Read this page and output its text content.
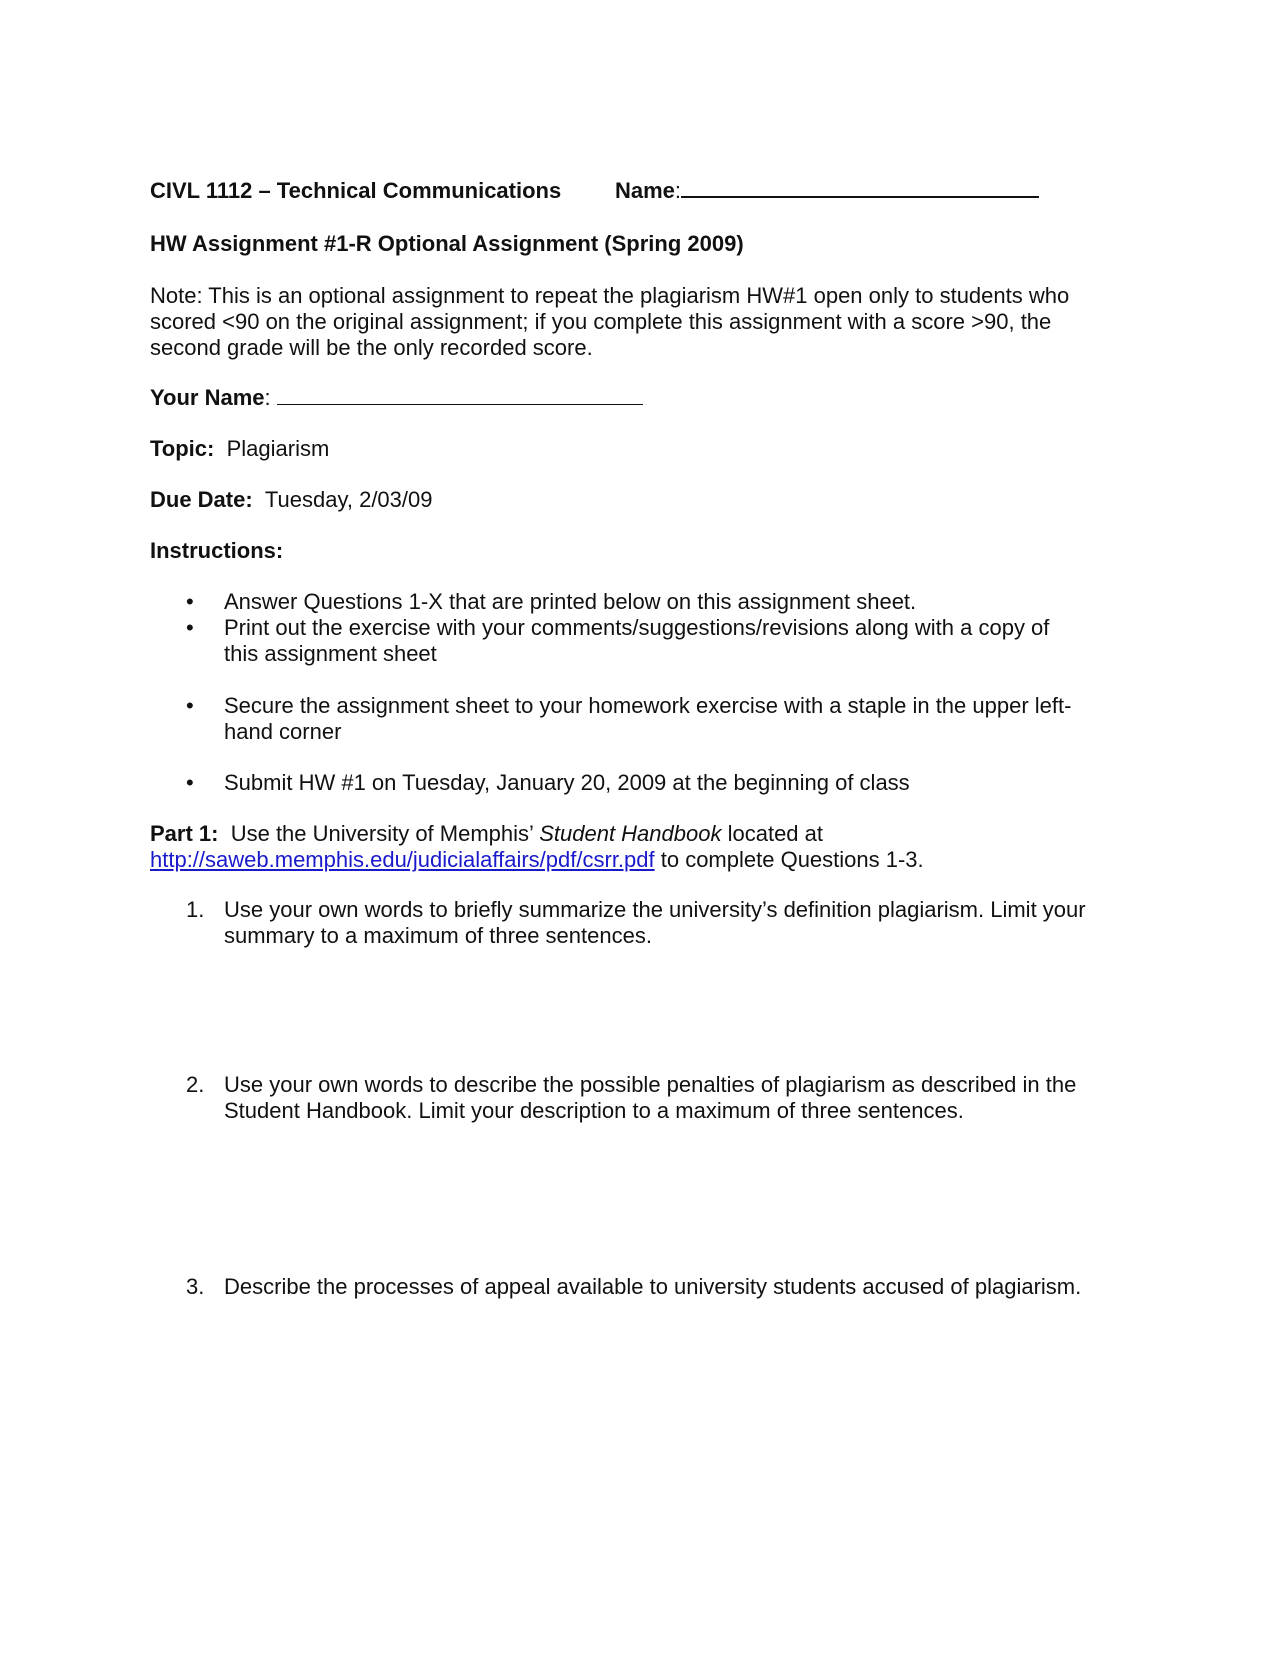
CIVL 1112 – Technical Communications Name:
HW Assignment #1-R Optional Assignment (Spring 2009)
Note: This is an optional assignment to repeat the plagiarism HW#1 open only to students who
scored <90 on the original assignment; if you complete this assignment with a score >90, the
second grade will be the only recorded score.
Your Name:
Topic: Plagiarism
Due Date: Tuesday, 2/03/09
Instructions:
•	Answer Questions 1-X that are printed below on this assignment sheet.
•	Print out the exercise with your comments/suggestions/revisions along with a copy of
this assignment sheet
•	Secure the assignment sheet to your homework exercise with a staple in the upper left-
hand corner
•	Submit HW #1 on Tuesday, January 20, 2009 at the beginning of class
Part 1:  Use the University of Memphis’ Student Handbook located at
http://saweb.memphis.edu/judicialaffairs/pdf/csrr.pdf to complete Questions 1-3.
1. Use your own words to briefly summarize the university’s definition plagiarism. Limit your
summary to a maximum of three sentences.
2. Use your own words to describe the possible penalties of plagiarism as described in the
Student Handbook. Limit your description to a maximum of three sentences.
3. Describe the processes of appeal available to university students accused of plagiarism.
